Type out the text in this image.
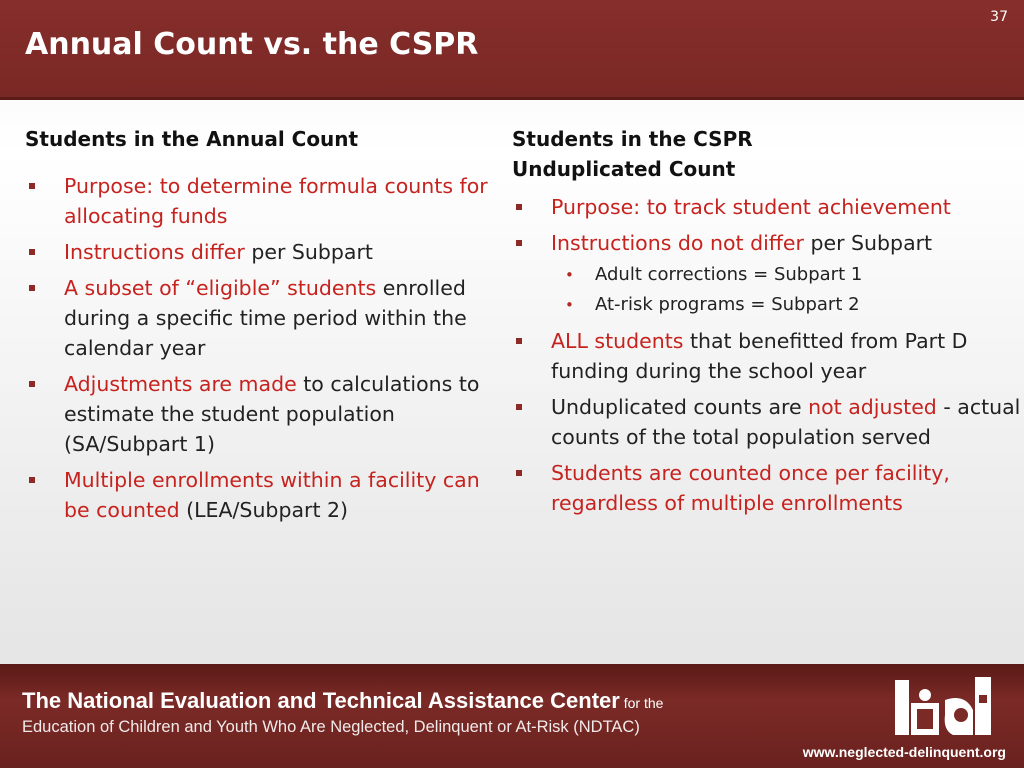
37
Annual Count vs. the CSPR
Students in the Annual Count
Purpose: to determine formula counts for allocating funds
Instructions differ per Subpart
A subset of “eligible” students enrolled during a specific time period within the calendar year
Adjustments are made to calculations to estimate the student population (SA/Subpart 1)
Multiple enrollments within a facility can be counted (LEA/Subpart 2)
Students in the CSPR
Unduplicated Count
Purpose: to track student achievement
Instructions do not differ per Subpart
• Adult corrections = Subpart 1
• At-risk programs = Subpart 2
ALL students that benefitted from Part D funding during the school year
Unduplicated counts are not adjusted - actual counts of the total population served
Students are counted once per facility, regardless of multiple enrollments
The National Evaluation and Technical Assistance Center for the
Education of Children and Youth Who Are Neglected, Delinquent or At-Risk (NDTAC)
www.neglected-delinquent.org
